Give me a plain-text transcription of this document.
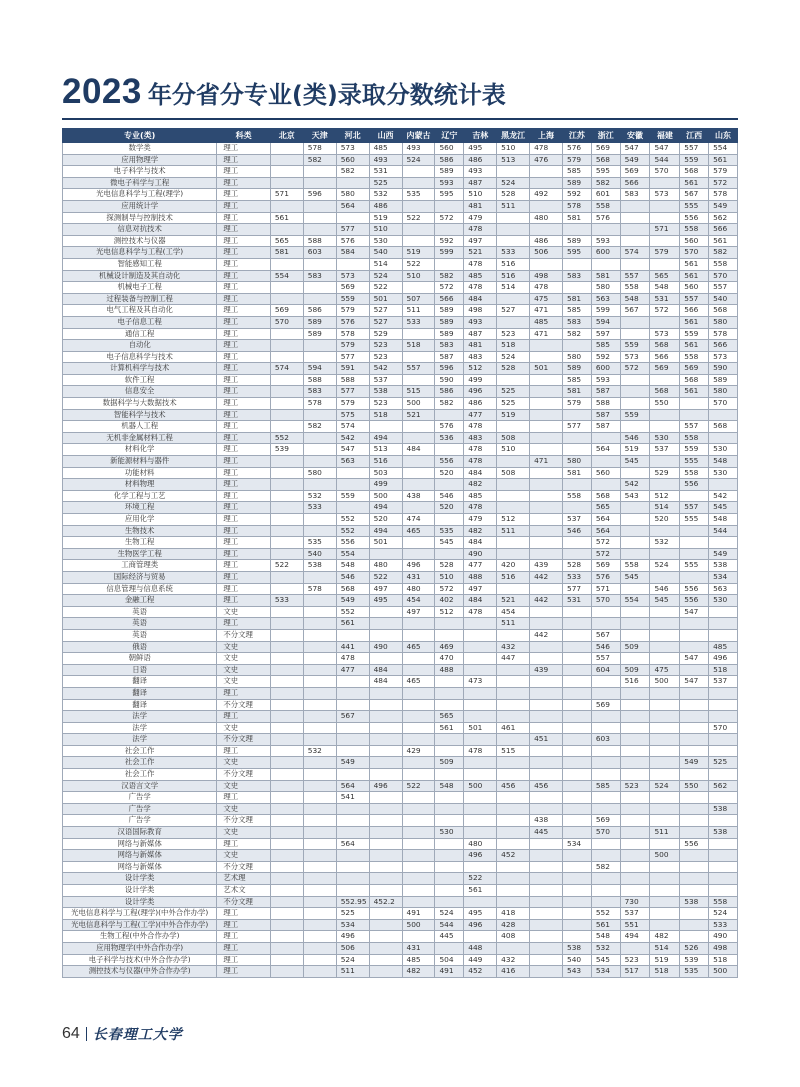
2023 年分省分专业(类)录取分数统计表
专业(类)	科类	北京	天津	河北	山西	内蒙古	辽宁	吉林	黑龙江	上海	江苏	浙江	安徽	福建	江西	山东
数学类	理工		578	573	485	493	560	495	510	478	576	569	547	547	557	554
应用物理学	理工		582	560	493	524	586	486	513	476	579	568	549	544	559	561
电子科学与技术	理工			582	531		589	493			585	595	569	570	568	579
微电子科学与工程	理工				525		593	487	524		589	582	566		561	572
光电信息科学与工程(理学)	理工	571	596	580	532	535	595	510	528	492	592	601	583	573	567	578
应用统计学	理工			564	486			481	511		578	558			555	549
探测制导与控制技术	理工	561			519	522	572	479		480	581	576			556	562
信息对抗技术	理工			577	510			478						571	558	566
测控技术与仪器	理工	565	588	576	530		592	497		486	589	593			560	561
光电信息科学与工程(工学)	理工	581	603	584	540	519	599	521	533	506	595	600	574	579	570	582
智能感知工程	理工				514	522		478	516						561	558
机械设计制造及其自动化	理工	554	583	573	524	510	582	485	516	498	583	581	557	565	561	570
机械电子工程	理工			569	522		572	478	514	478		580	558	548	560	557
过程装备与控制工程	理工			559	501	507	566	484		475	581	563	548	531	557	540
电气工程及其自动化	理工	569	586	579	527	511	589	498	527	471	585	599	567	572	566	568
电子信息工程	理工	570	589	576	527	533	589	493		485	583	594			561	580
通信工程	理工		589	578	529		589	487	523	471	582	597		573	559	578
自动化	理工			579	523	518	583	481	518			585	559	568	561	566
电子信息科学与技术	理工			577	523		587	483	524		580	592	573	566	558	573
计算机科学与技术	理工	574	594	591	542	557	596	512	528	501	589	600	572	569	569	590
软件工程	理工		588	588	537		590	499			585	593			568	589
信息安全	理工		583	577	538	515	586	496	525		581	587		568	561	580
数据科学与大数据技术	理工		578	579	523	500	582	486	525		579	588		550		570
智能科学与技术	理工			575	518	521		477	519			587	559			
机器人工程	理工		582	574			576	478			577	587			557	568
无机非金属材料工程	理工	552		542	494		536	483	508				546	530	558	
材料化学	理工	539		547	513	484		478	510			564	519	537	559	530
新能源材料与器件	理工			563	516		556	478		471	580		545		555	548
功能材料	理工		580		503		520	484	508		581	560		529	558	530
材料物理	理工				499			482					542		556	
化学工程与工艺	理工		532	559	500	438	546	485			558	568	543	512		542
环境工程	理工		533		494		520	478				565		514	557	545
应用化学	理工			552	520	474		479	512		537	564		520	555	548
生物技术	理工			552	494	465	535	482	511		546	564				544
生物工程	理工		535	556	501		545	484				572		532		
生物医学工程	理工		540	554				490				572				549
工商管理类	理工	522	538	548	480	496	528	477	420	439	528	569	558	524	555	538
国际经济与贸易	理工			546	522	431	510	488	516	442	533	576	545			534
信息管理与信息系统	理工		578	568	497	480	572	497			577	571		546	556	563
金融工程	理工	533		549	495	454	402	484	521	442	531	570	554	545	556	530
英语	文史			552		497	512	478	454						547	
英语	理工			561					511							
英语	不分文理									442		567				
俄语	文史			441	490	465	469		432			546	509			485
朝鲜语	文史			478			470		447			557			547	496
日语	文史			477	484		488			439		604	509	475		518
翻译	文史				484	465		473					516	500	547	537
翻译	理工															
翻译	不分文理											569				
法学	理工			567			565									
法学	文史						561	501	461							570
法学	不分文理									451		603				
社会工作	理工		532			429		478	515							
社会工作	文史			549			509								549	525
社会工作	不分文理															
汉语言文学	文史			564	496	522	548	500	456	456		585	523	524	550	562
广告学	理工			541												
广告学	文史															538
广告学	不分文理									438		569				
汉语国际教育	文史						530			445		570		511		538
网络与新媒体	理工			564				480			534				556	
网络与新媒体	文史							496	452					500		
网络与新媒体	不分文理											582				
设计学类	艺术理							522								
设计学类	艺术文							561								
设计学类	不分文理			552.95	452.2								730		538	558
光电信息科学与工程(理学)(中外合作办学)	理工			525		491	524	495	418			552	537			524
光电信息科学与工程(工学)(中外合作办学)	理工			534		500	544	496	428			561	551			533
生物工程(中外合作办学)	理工			496			445		408			548	494	482		490
应用物理学(中外合作办学)	理工			506		431		448			538	532		514	526	498
电子科学与技术(中外合作办学)	理工			524		485	504	449	432		540	545	523	519	539	518
测控技术与仪器(中外合作办学)	理工			511		482	491	452	416		543	534	517	518	535	500
64 长春理工大学
